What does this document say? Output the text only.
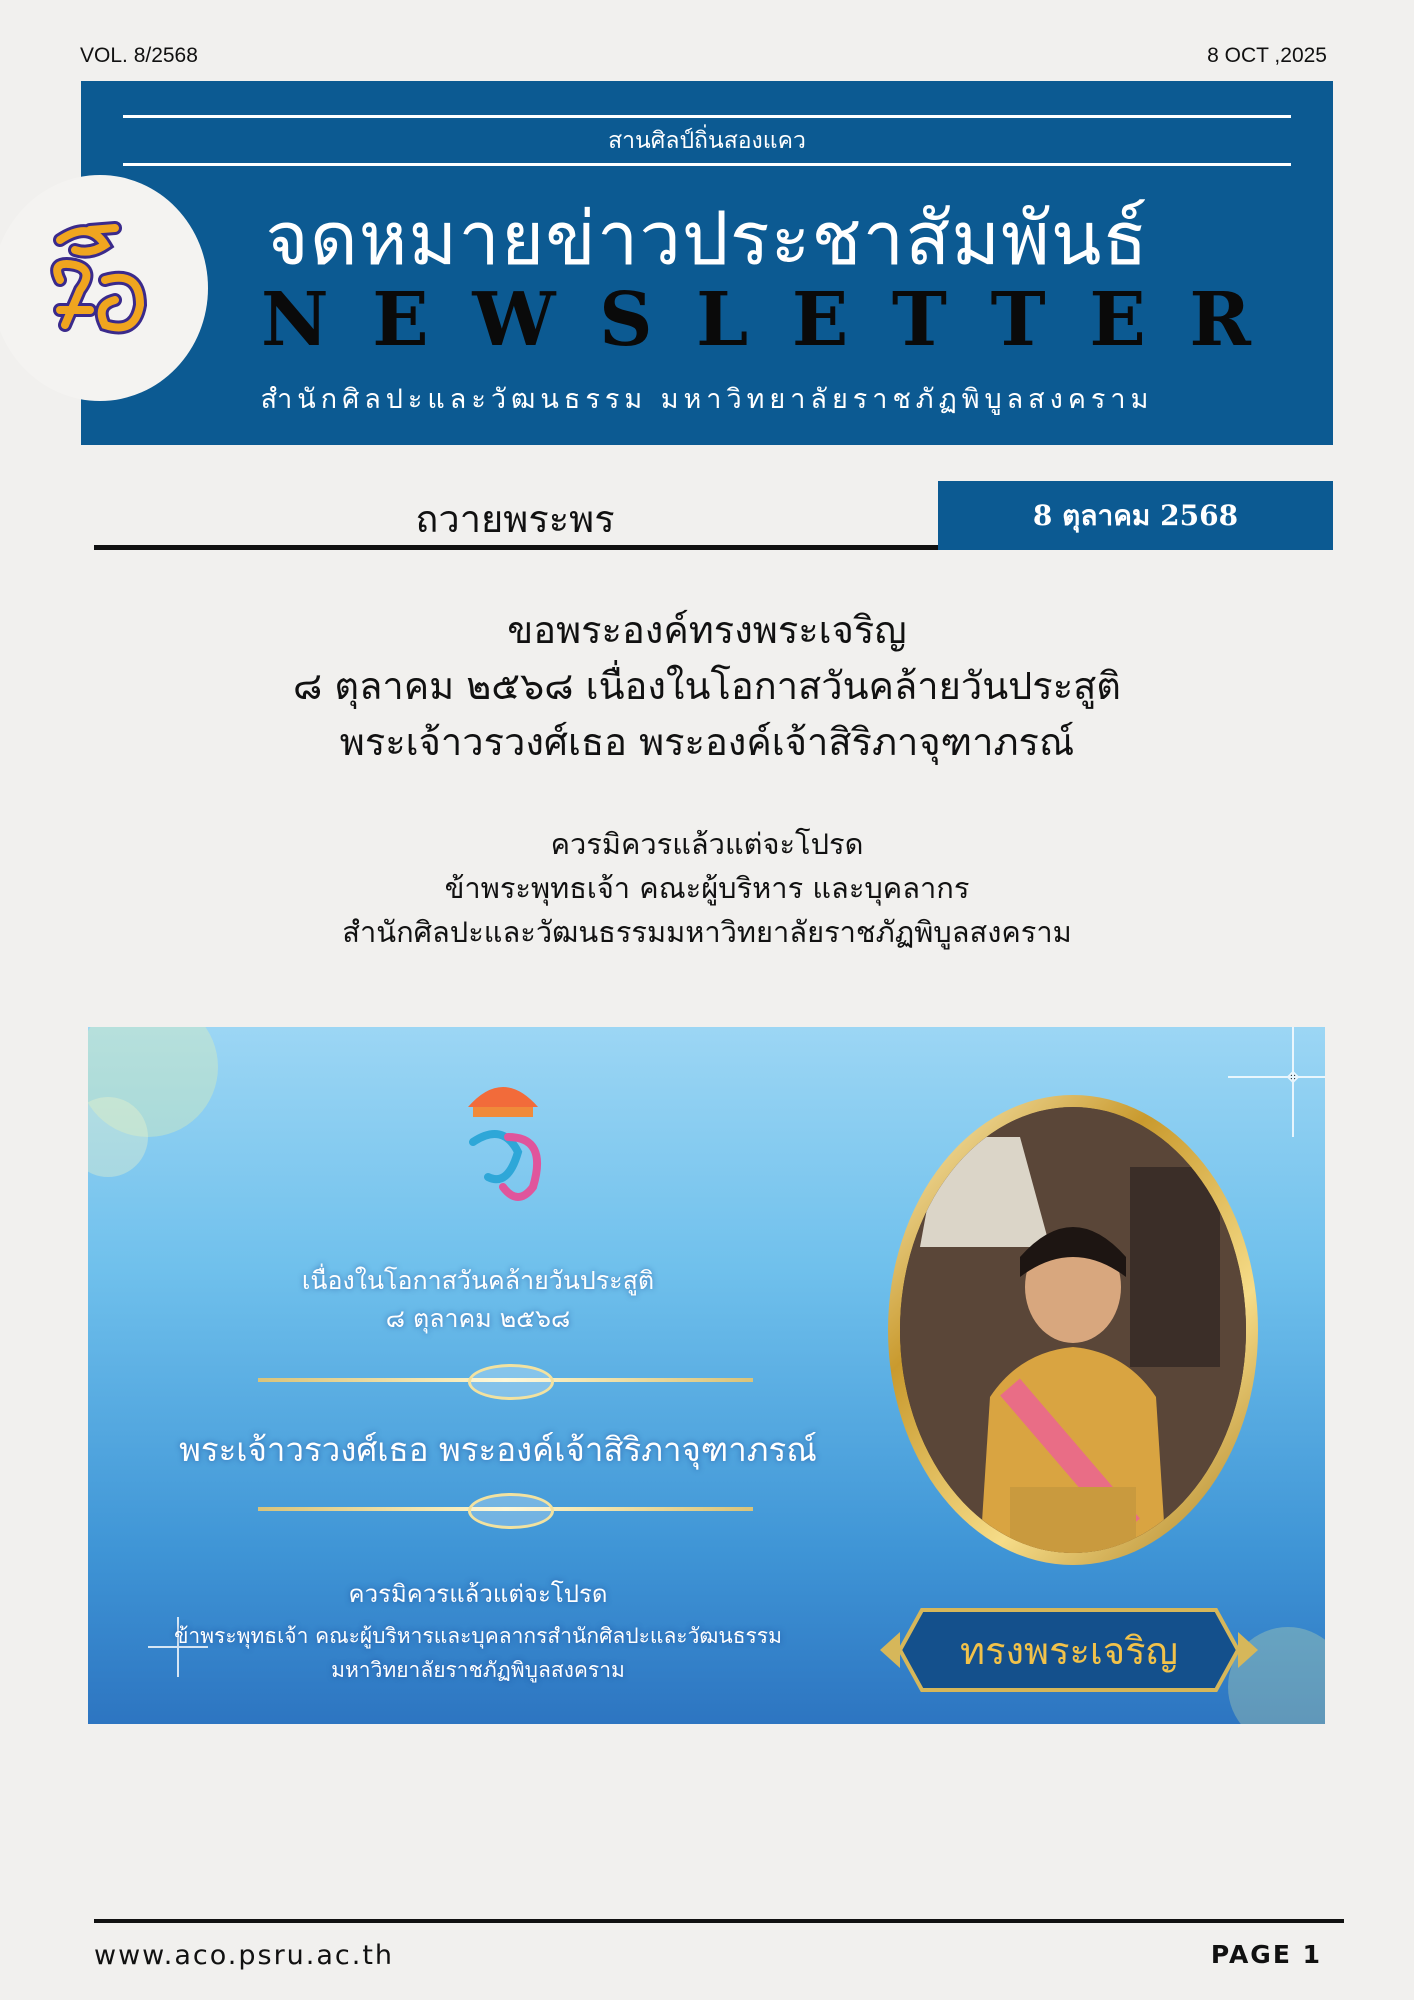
VOL. 8/2568	8 OCT ,2025
สานศิลป์ถิ่นสองแคว
จดหมายข่าวประชาสัมพันธ์
N E W S L E T T E R
สำนักศิลปะและวัฒนธรรม มหาวิทยาลัยราชภัฏพิบูลสงคราม
ถวายพระพร	8 ตุลาคม 2568
ขอพระองค์ทรงพระเจริญ
๘ ตุลาคม ๒๕๖๘ เนื่องในโอกาสวันคล้ายวันประสูติ
พระเจ้าวรวงศ์เธอ พระองค์เจ้าสิริภาจุฑาภรณ์
ควรมิควรแล้วแต่จะโปรด
ข้าพระพุทธเจ้า คณะผู้บริหาร และบุคลากร
สำนักศิลปะและวัฒนธรรมมหาวิทยาลัยราชภัฏพิบูลสงคราม
เนื่องในโอกาสวันคล้ายวันประสูติ
๘ ตุลาคม ๒๕๖๘
พระเจ้าวรวงศ์เธอ พระองค์เจ้าสิริภาจุฑาภรณ์
ควรมิควรแล้วแต่จะโปรด
ข้าพระพุทธเจ้า คณะผู้บริหารและบุคลากรสำนักศิลปะและวัฒนธรรม
มหาวิทยาลัยราชภัฏพิบูลสงคราม	ทรงพระเจริญ
www.aco.psru.ac.th	PAGE 1
